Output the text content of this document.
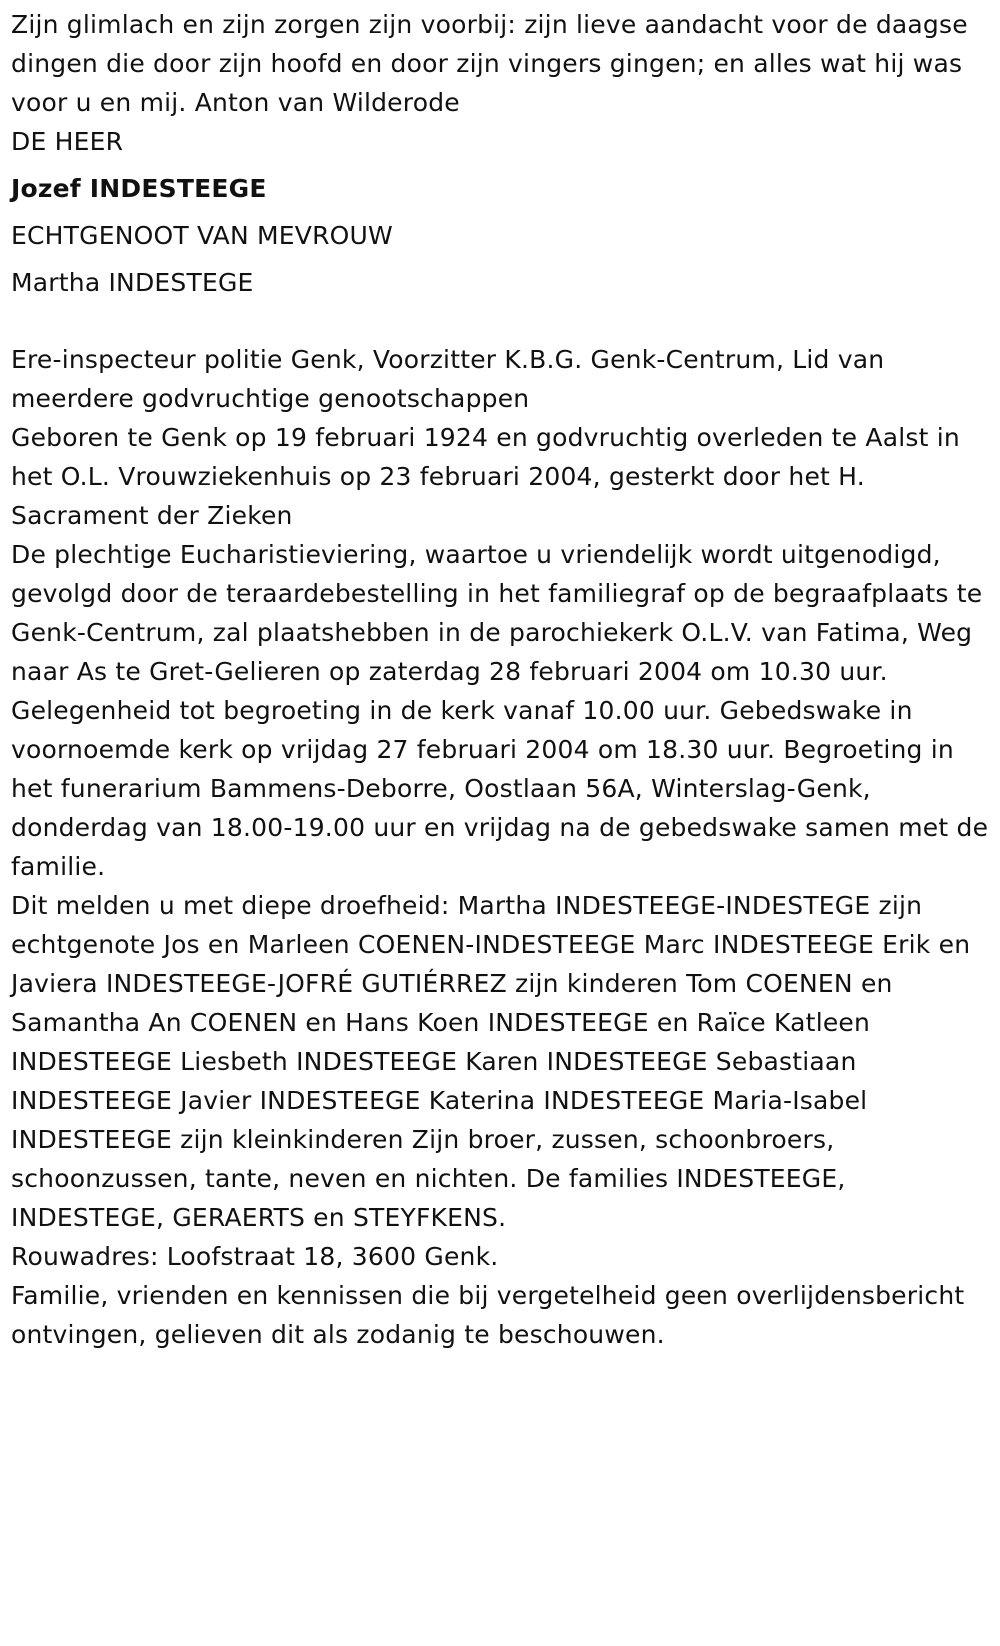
Zijn glimlach en zijn zorgen zijn voorbij: zijn lieve aandacht voor de daagse dingen die door zijn hoofd en door zijn vingers gingen; en alles wat hij was voor u en mij. Anton van Wilderode

DE HEER

Jozef INDESTEEGE

ECHTGENOOT VAN MEVROUW

Martha INDESTEGE

Ere-inspecteur politie Genk, Voorzitter K.B.G. Genk-Centrum, Lid van meerdere godvruchtige genootschappen

Geboren te Genk op 19 februari 1924 en godvruchtig overleden te Aalst in het O.L. Vrouwziekenhuis op 23 februari 2004, gesterkt door het H. Sacrament der Zieken

De plechtige Eucharistieviering, waartoe u vriendelijk wordt uitgenodigd, gevolgd door de teraardebestelling in het familiegraf op de begraafplaats te Genk-Centrum, zal plaatshebben in de parochiekerk O.L.V. van Fatima, Weg naar As te Gret-Gelieren op zaterdag 28 februari 2004 om 10.30 uur. Gelegenheid tot begroeting in de kerk vanaf 10.00 uur. Gebedswake in voornoemde kerk op vrijdag 27 februari 2004 om 18.30 uur. Begroeting in het funerarium Bammens-Deborre, Oostlaan 56A, Winterslag-Genk, donderdag van 18.00-19.00 uur en vrijdag na de gebedswake samen met de familie.

Dit melden u met diepe droefheid: Martha INDESTEEGE-INDESTEGE zijn echtgenote Jos en Marleen COENEN-INDESTEEGE Marc INDESTEEGE Erik en Javiera INDESTEEGE-JOFRÉ GUTIÉRREZ zijn kinderen Tom COENEN en Samantha An COENEN en Hans Koen INDESTEEGE en Raïce Katleen INDESTEEGE Liesbeth INDESTEEGE Karen INDESTEEGE Sebastiaan INDESTEEGE Javier INDESTEEGE Katerina INDESTEEGE Maria-Isabel INDESTEEGE zijn kleinkinderen Zijn broer, zussen, schoonbroers, schoonzussen, tante, neven en nichten. De families INDESTEEGE, INDESTEGE, GERAERTS en STEYFKENS.

Rouwadres: Loofstraat 18, 3600 Genk.

Familie, vrienden en kennissen die bij vergetelheid geen overlijdensbericht ontvingen, gelieven dit als zodanig te beschouwen.
